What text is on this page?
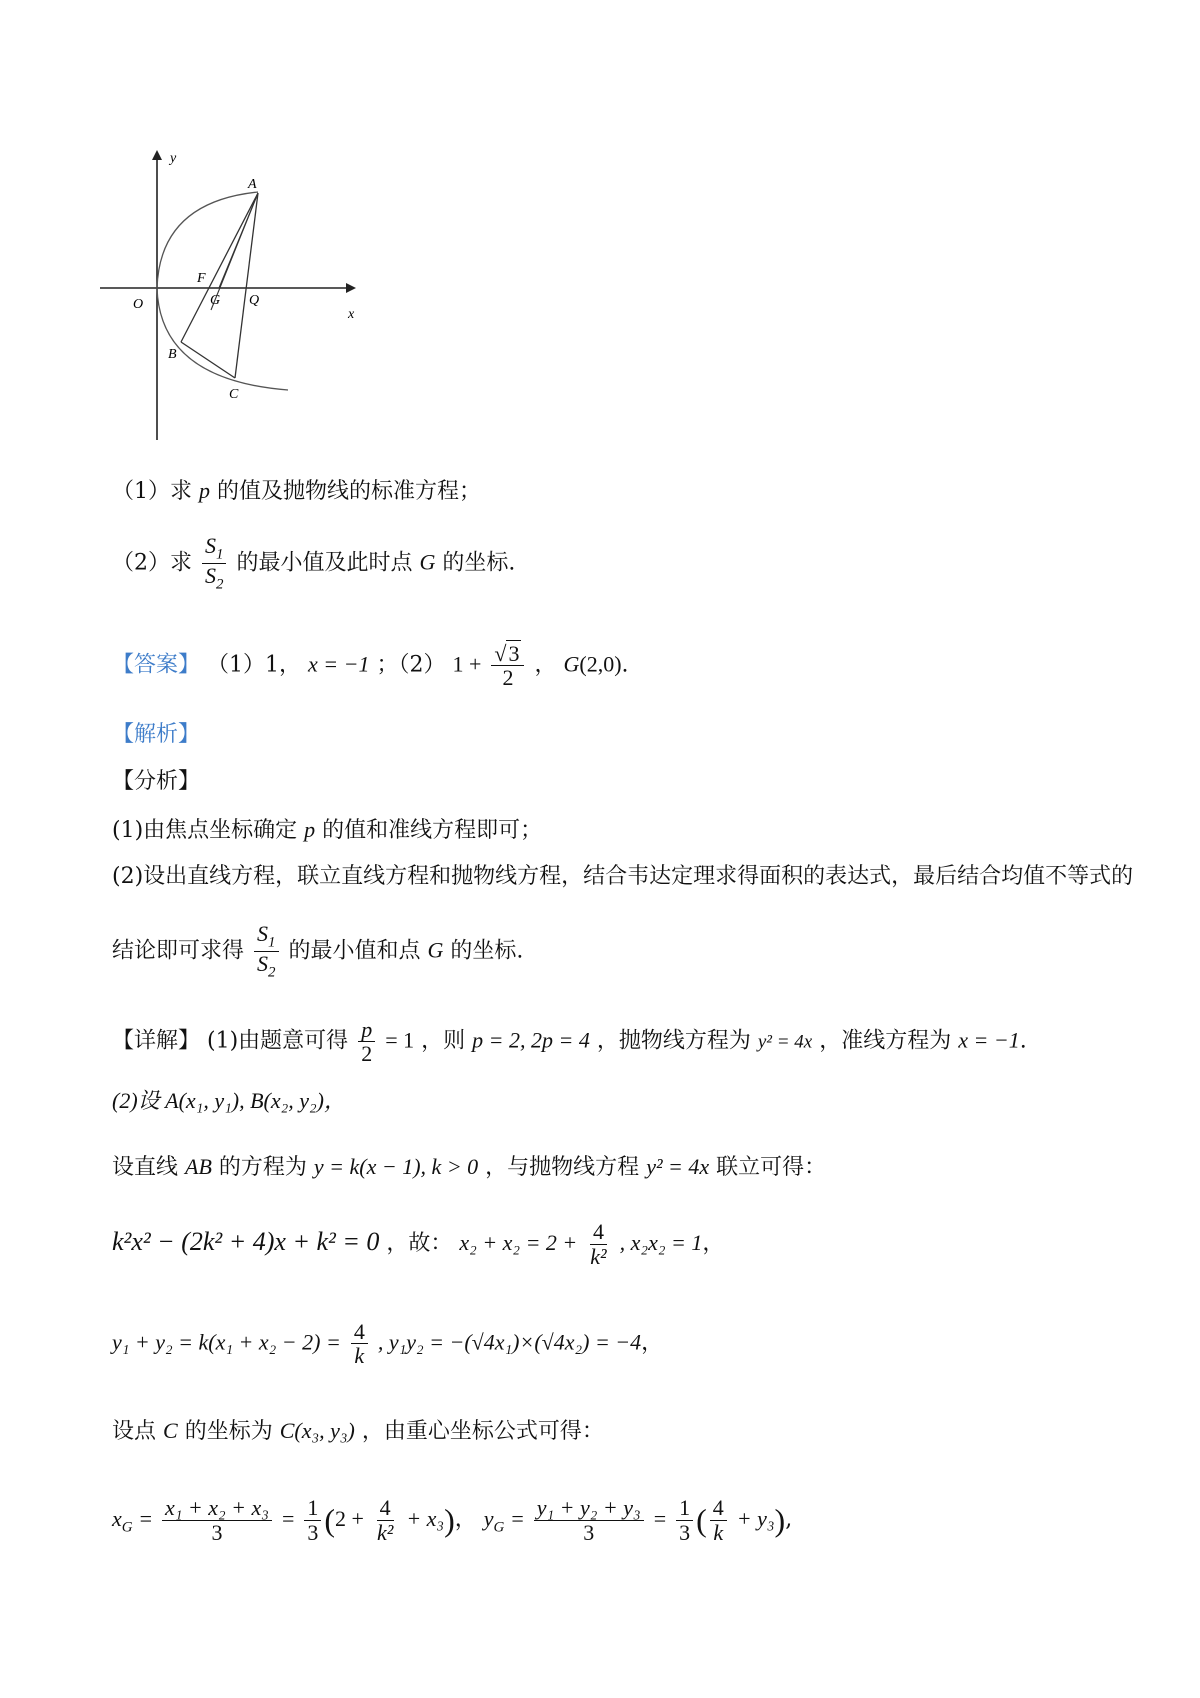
y
x
A
F
O	G Q
B
C
（1）求 p 的值及抛物线的标准方程；
（2）求 $\frac{S_1}{S_2}$ 的最小值及此时点 G 的坐标.
【答案】 （1）1， x = −1 ；（2） $1 + \frac{√3}{2}$ ， G(2,0).
【解析】
【分析】
(1)由焦点坐标确定 p 的值和准线方程即可；
(2)设出直线方程，联立直线方程和抛物线方程，结合韦达定理求得面积的表达式，最后结合均值不等式的
结论即可求得 $\frac{S_1}{S_2}$ 的最小值和点 G 的坐标.
【详解】 (1)由题意可得 $\frac{p}{2} = 1$ ，则 p = 2, 2p = 4 ，抛物线方程为 y² = 4x ，准线方程为 x = −1.
(2)设 A(x₁, y₁), B(x₂, y₂)，
设直线 AB 的方程为 y = k(x − 1), k > 0 ，与抛物线方程 y² = 4x 联立可得：
k²x² − (2k² + 4)x + k² = 0 ，故： $x_2 + x_2 = 2 + \frac{4}{\text{k²}}$ , x₂x₂ = 1，
$y_1 + y_2 = k(x_1 + x_2 - 2) = \frac{4}{k}$ , y₁y₂ = −(√4x₁)×(√4x₂) = −4，
设点 C 的坐标为 C(x₃, y₃) ，由重心坐标公式可得：
$x_G = \frac{\text{x₁ + x₂ + x₃}}{3} = \frac{1}{3} (2 + \frac{4}{\text{k²}} + x_3)$， $y_G = \frac{\text{y₁ + y₂ + y₃}}{3} = \frac{1}{3}$ ( $\frac{4}{k} + y_3$),
